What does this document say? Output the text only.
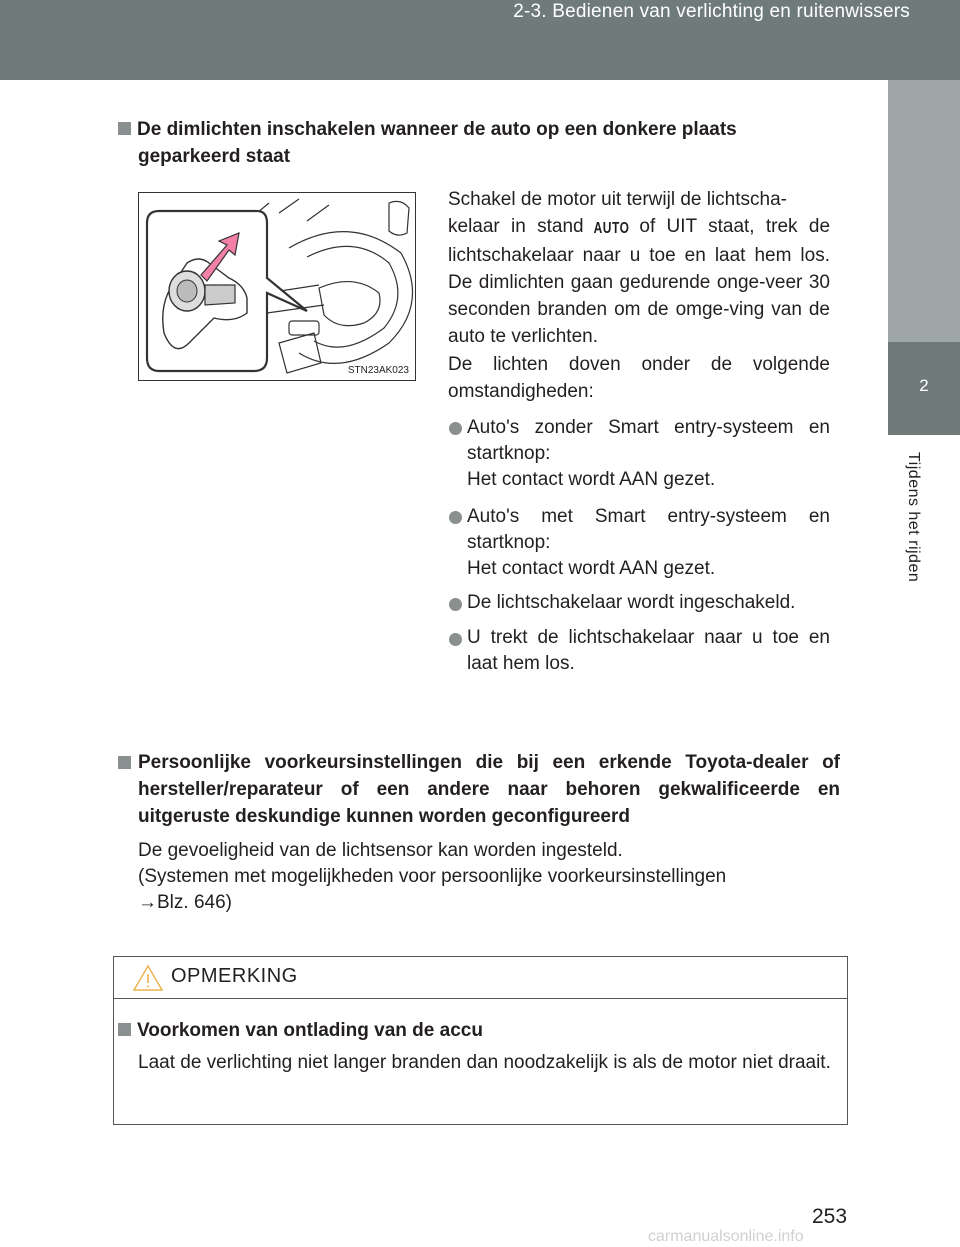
2-3. Bedienen van verlichting en ruitenwissers
2
Tijdens het rijden
De dimlichten inschakelen wanneer de auto op een donkere plaats
geparkeerd staat
STN23AK023
Schakel de motor uit terwijl de lichtscha-
kelaar in stand AUTO of UIT staat, trek de lichtschakelaar naar u toe en laat hem los. De dimlichten gaan gedurende onge-veer 30 seconden branden om de omge-ving van de auto te verlichten.
De lichten doven onder de volgende omstandigheden:
Auto's zonder Smart entry-systeem en startknop:
Het contact wordt AAN gezet.
Auto's met Smart entry-systeem en startknop:
Het contact wordt AAN gezet.
De lichtschakelaar wordt ingeschakeld.
U trekt de lichtschakelaar naar u toe en laat hem los.
Persoonlijke voorkeursinstellingen die bij een erkende Toyota-dealer of hersteller/reparateur of een andere naar behoren gekwalificeerde en uitgeruste deskundige kunnen worden geconfigureerd
De gevoeligheid van de lichtsensor kan worden ingesteld.
(Systemen met mogelijkheden voor persoonlijke voorkeursinstellingen
→Blz. 646)
OPMERKING
Voorkomen van ontlading van de accu
Laat de verlichting niet langer branden dan noodzakelijk is als de motor niet draait.
253
carmanualsonline.info
